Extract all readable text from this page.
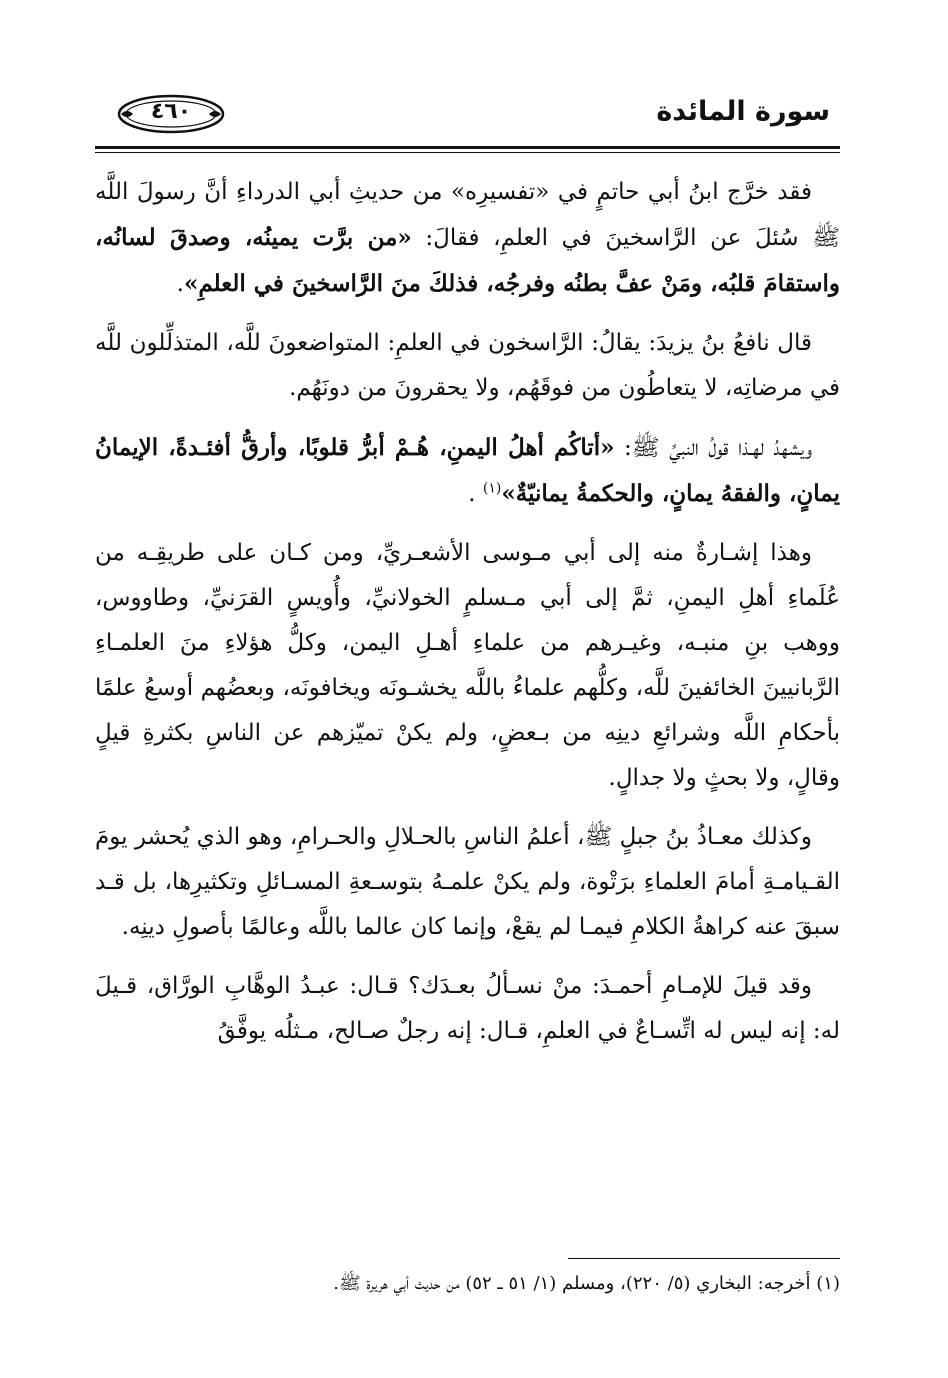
٤٦٠	سورة المائدة

فقد خرَّج ابنُ أبي حاتمٍ في «تفسيرِه» من حديثِ أبي الدرداءِ أنَّ رسولَ اللَّه ﷺ سُئلَ عن الرَّاسخينَ في العلمِ، فقالَ: «من برَّت يمينُه، وصدقَ لسانُه، واستقامَ قلبُه، ومَنْ عفَّ بطنُه وفرجُه، فذلكَ منَ الرَّاسخينَ في العلمِ».

قال نافعُ بنُ يزيدَ: يقالُ: الرَّاسخون في العلمِ: المتواضعونَ للَّه، المتذلِّلون للَّه في مرضاتِه، لا يتعاطُون من فوقَهُم، ولا يحقرونَ من دونَهُم.

ويشهدُ لهـذا قولُ النبيِّ ﷺ: «أتاكُم أهلُ اليمنِ، هُـمْ أبرُّ قلوبًا، وأرقُّ أفئـدةً، الإيمانُ يمانٍ، والفقهُ يمانٍ، والحكمةُ يمانيّةٌ»$^{(١)}$ .

وهذا إشـارةٌ منه إلى أبي مـوسى الأشعـريِّ، ومن كـان على طريقِـه من عُلَماءِ أهلِ اليمنِ، ثمَّ إلى أبي مـسلمٍ الخولانيِّ، وأُويسٍ القرَنيِّ، وطاووس، ووهب بنِ منبـه، وغيـرهم من علماءِ أهـلِ اليمن، وكلُّ هؤلاءِ منَ العلمـاءِ الرَّبانيينَ الخائفينَ للَّه، وكلُّهم علماءُ باللَّه يخشـونَه ويخافونَه، وبعضُهم أوسعُ علمًا بأحكامِ اللَّه وشرائعِ دينِه من بـعضٍ، ولم يكنْ تميّزهم عن الناسِ بكثرةِ قيلٍ وقالٍ، ولا بحثٍ ولا جدالٍ.

وكذلك معـاذُ بنُ جبلٍ ﷺ، أعلمُ الناسِ بالحـلالِ والحـرامِ، وهو الذي يُحشر يومَ القـيامـةِ أمامَ العلماءِ برَتْوة، ولم يكنْ علمـهُ بتوسـعةِ المسـائلِ وتكثيرِها، بل قـد سبقَ عنه كراهةُ الكلامِ فيمـا لم يقعْ، وإنما كان عالما باللَّه وعالمًا بأصولِ دينِه.

وقد قيلَ للإمـامِ أحمـدَ: منْ نسـألُ بعـدَك؟ قـال: عبـدُ الوهَّابِ الورَّاق، قـيلَ له: إنه ليس له اتِّسـاعٌ في العلمِ، قـال: إنه رجلٌ صـالح، مـثلُه يوفَّقُ

(١) أخرجه: البخاري (٥/ ٢٢٠)، ومسلم (١/ ٥١ ـ ٥٢) من حديث أبي هريرة ﷺ.
